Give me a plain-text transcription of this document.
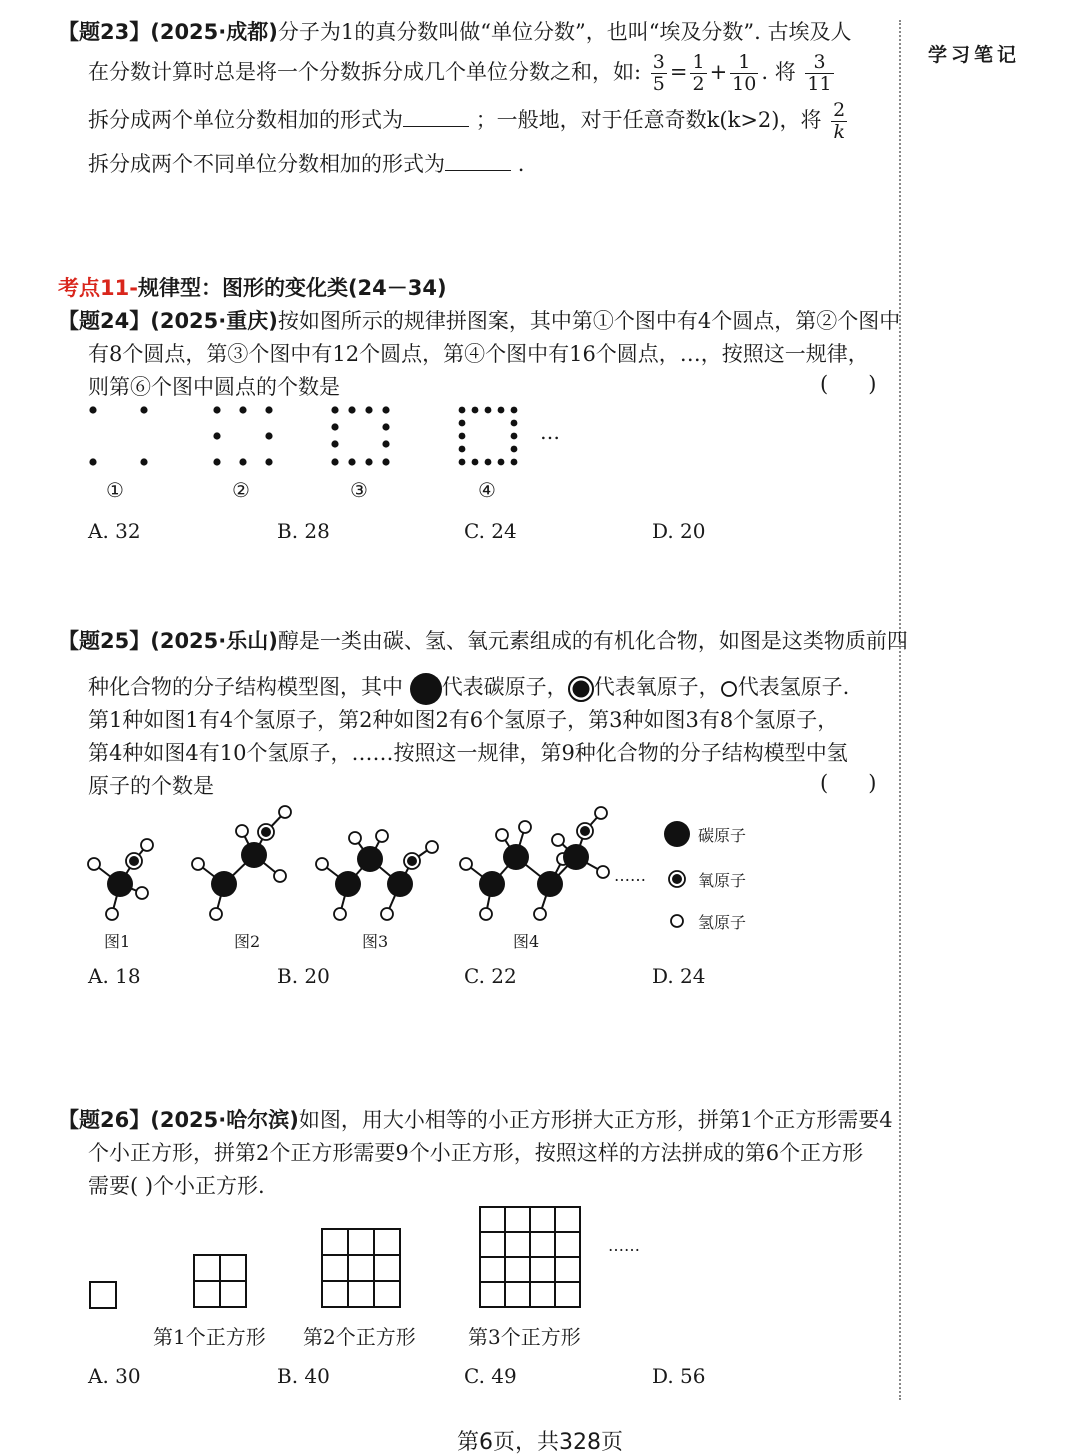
学习笔记
【题23】(2025·成都)分子为1的真分数叫做“单位分数”，也叫“埃及分数”. 古埃及人
在分数计算时总是将一个分数拆分成几个单位分数之和，如: $\frac{3}{5} = \frac{1}{2} + \frac{1}{10}$ . 将 $\frac{3}{11}$
拆分成两个单位分数相加的形式为	；一般地，对于任意奇数k(k>2)，将 $\frac{2}{k}$
拆分成两个不同单位分数相加的形式为	.
考点11-规律型：图形的变化类(24－34)
【题24】(2025·重庆)按如图所示的规律拼图案，其中第①个图中有4个圆点，第②个图中
有8个圆点，第③个图中有12个圆点，第④个图中有16个圆点，…，按照这一规律，
则第⑥个图中圆点的个数是	(      )
…
①	②	③	④
A. 32	B. 28	C. 24	D. 20
【题25】(2025·乐山)醇是一类由碳、氢、氧元素组成的有机化合物，如图是这类物质前四
种化合物的分子结构模型图，其中 代表碳原子， 代表氧原子， 代表氢原子.
第1种如图1有4个氢原子，第2种如图2有6个氢原子，第3种如图3有8个氢原子，
第4种如图4有10个氢原子，……按照这一规律，第9种化合物的分子结构模型中氢
原子的个数是	(      )
……
图1	图2	图3	图4
碳原子
氧原子
氢原子
A. 18	B. 20	C. 22	D. 24
【题26】(2025·哈尔滨)如图，用大小相等的小正方形拼大正方形，拼第1个正方形需要4
个小正方形，拼第2个正方形需要9个小正方形，按照这样的方法拼成的第6个正方形
需要( )个小正方形.
……
第1个正方形 第2个正方形	第3个正方形
A. 30	B. 40	C. 49	D. 56
第6页，共328页
